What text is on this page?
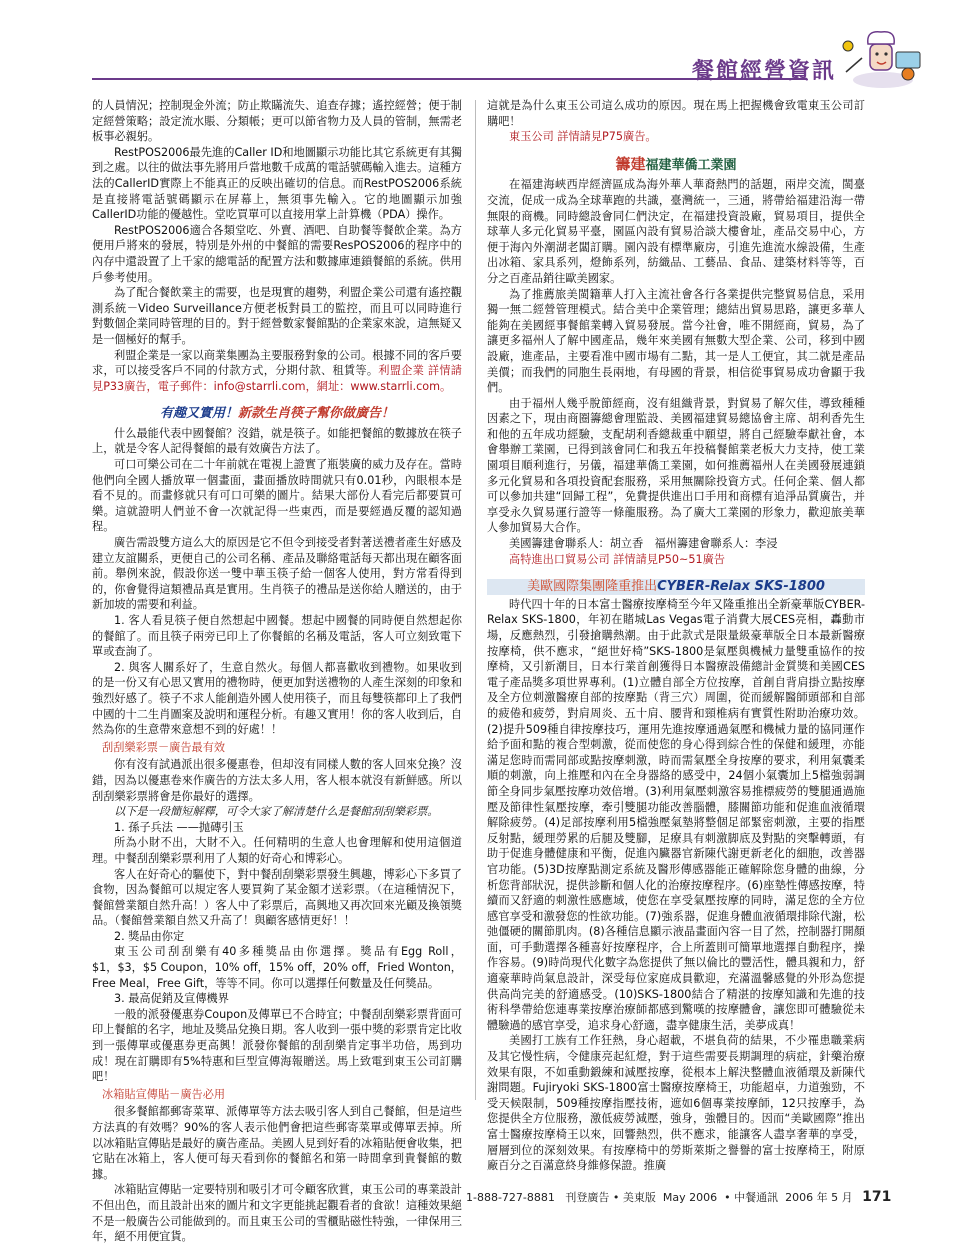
餐館經營資訊

的人員情況；控制現金外流；防止欺瞞流失、追查存據；遙控經營；便于制定經營策略；設定流水賬、分類帳；更可以節省物力及人員的管制，無需老板事必親躬。

RestPOS2006最先進的Caller ID和地圖顯示功能比其它系統更有其獨到之處。以往的做法事先將用戶當地數千成萬的電話號碼輸入進去。這種方法的CallerID實際上不能真正的反映出確切的信息。而RestPOS2006系統是直接將電話號碼顯示在屏幕上，無須事先輸入。它的地圖顯示加強CallerID功能的優越性。堂吃買單可以直接用掌上計算機（PDA）操作。

RestPOS2006適合各類堂吃、外賣、酒吧、自助餐等餐飲企業。為方便用戶將來的發展，特別是外州的中餐館的需要ResPOS2006的程序中的內存中還設置了上千家的總電話的配置方法和數據庫連鎖餐館的系統。供用戶參考使用。

為了配合餐飲業主的需要，也是現實的趨勢，利盟企業公司還有遙控觀測系統－Video Surveillance方便老板對員工的監控，而且可以同時進行對數個企業同時管理的目的。對于經營數家餐館點的企業家來說，這無疑又是一個極好的幫手。

利盟企業是一家以商業集團為主要服務對象的公司。根據不同的客戶要求，可以接受客戶不同的付款方式，分期付款、租賃等。利盟企業 詳情請見P33廣告，電子郵件：info@starrli.com，網址：www.starrli.com。

有趣又實用！新款生肖筷子幫你做廣告！

什么最能代表中國餐館？沒錯，就是筷子。如能把餐館的數據放在筷子上，就是令客人記得餐館的最有效廣告方法了。

可口可樂公司在二十年前就在電視上證實了瓶裝廣的威力及存在。當時他們向全國人播放單一個畫面，畫面播放時間就只有0.01秒，內眼根本是看不見的。而畫修就只有可口可樂的圖片。結果大部份人看完后都要買可樂。這就證明人們並不會一次就記得一些東西，而是要經過反覆的認知過程。

廣告需設雙方這么大的原因是它不但令到接受者對著送禮者產生好感及建立友誼關系，更便自己的公司名稱、產品及聯絡電話每天都出現在顧客面前。舉例來說，假設你送一雙中華玉筷子給一個客人使用，對方常看得到的，你會覺得這類禮品真是實用。生肖筷子的禮品是送你給人贈送的，由于新加坡的需要和利益。

1. 客人看見筷子便自然想起中國餐。想起中國餐的同時便自然想起你的餐館了。而且筷子兩旁已印上了你餐館的名稱及電話，客人可立刻致電下單或查詢了。

2. 與客人關系好了，生意自然火。每個人都喜歡收到禮物。如果收到的是一份又有心思又實用的禮物時，便更加對送禮物的人產生深刻的印象和強烈好感了。筷子不求人能創造外國人使用筷子，而且每雙筷都印上了我們中國的十二生肖圖案及說明和運程分析。有趣又實用！你的客人收到后，自然為你的生意帶來意想不到的好處！！

刮刮樂彩票－廣告最有效

你有沒有試過派出很多優惠卷，但却沒有同樣人數的客人回來兌換？沒錯，因為以優惠卷來作廣告的方法太多人用，客人根本就沒有新鮮感。所以刮刮樂彩票將會是你最好的選擇。

以下是一段簡短解釋，可令大家了解清楚什么是餐館刮刮樂彩票。

1. 孫子兵法 ——抛磚引玉

所為小財不出，大財不入。任何精明的生意人也會理解和使用這個道理。中餐刮刮樂彩票利用了人類的好奇心和博彩心。

客人在好奇心的驅使下，對中餐刮刮樂彩票發生興趣，博彩心下多買了食物，因為餐館可以規定客人要買夠了某金額才送彩票。（在這種情況下，餐館營業額自然升高！）客人中了彩票后，高興地又再次回來光顧及換領獎品。（餐館營業額自然又升高了！與顧客感情更好！！

2. 獎品由你定

東玉公司刮刮樂有40多種獎品由你選擇。獎品有Egg Roll，$1，$3，$5 Coupon，10% off，15% off，20% off，Fried Wonton，Free Meal，Free Gift，等等不同。你可以選擇任何數量及任何獎品。

3. 最高促銷及宣傳機界

一般的派發優惠券Coupon及傳單已不合時宜；中餐刮刮樂彩票背面可印上餐館的名字，地址及獎品兌換日期。客人收到一張中獎的彩票肯定比收到一張傳單或優惠券更高興！派發你餐館的刮刮樂肯定事半功倍，馬到功成！現在訂購即有5%特惠和巨型宣傳海報贈送。馬上致電到東玉公司訂購吧！

冰箱貼宣傳貼－廣告必用

很多餐館都郵寄菜單、派傳單等方法去吸引客人到自己餐館，但是這些方法真的有效嗎？90%的客人表示他們會把這些郵寄菜單或傳單丟掉。所以冰箱貼宣傳貼是最好的廣告產品。美國人見到好看的冰箱貼便會收集，把它貼在冰箱上，客人便可每天看到你的餐館名和第一時間拿到貴餐館的數據。

冰箱貼宣傳貼一定要特別和吸引才可令顧客欣賞，東玉公司的專業設計不但出色，而且設計出來的圖片和文字更能挑起觀看者的食欲！這種效果絕不是一般廣告公司能做到的。而且東玉公司的雪櫃貼磁性特強，一律保用三年，絕不用便宜貨。

這就是為什么東玉公司這么成功的原因。現在馬上把握機會致電東玉公司訂購吧！

東玉公司 詳情請見P75廣告。

籌建福建華僑工業園

在福建海峽西岸經濟區成為海外華人華裔熱門的話題，兩岸交流，閩臺交流，促成一成為全球華跑的共識，臺灣統一，三通，將帶給福建沿海一帶無限的商機。同時總設會同仁們決定，在福建投資設廠，貿易項目，提供全球華人多元化貿易平臺，園區內設有貿易洽談大樓會址，產品交易中心，方便于海內外潮湖老闆訂購。園內設有標準廠房，引進先進流水線設備，生產出冰箱、家具系列，燈飾系列，紡織品、工藝品、食品、建築材料等等，百分之百產品銷往歐美國家。

為了推薦旅美閩籍華人打入主流社會各行各業提供完整貿易信息，采用獨一無二經營管理模式。結合美中企業管理；總結出貿易思路，讓更多華人能夠在美國經事餐館業轉入貿易發展。當今社會，唯不開經商，貿易，為了讓更多福州人了解中國產品，幾年來美國有無數大型企業、公司，移到中國設廠，進產品，主要看准中國市場有二點，其一是人工便宜，其二就是產品美價；而我們的同胞生長兩地，有母國的背景，相信從事貿易成功會顯于我們。

由于福州人幾乎脫節經商，沒有組織背景，對貿易了解欠佳，導致種種因素之下，現由商圈籌總會理監設、美國福建貿易總協會主席、胡利香先生和他的五年成功經驗，支配胡利香總裁重中願望，將自己經驗奉獻社會，本會舉辦工業園，已得到該會同仁和我五年投稿餐館業老板大力支持，使工業園項目順利進行，另儀，福建華僑工業園，如何推薦福州人在美國發展連鎖多元化貿易和各項投資配套服務，采用無關除投資方式。任何企業、個人都可以參加共建“回歸工程”，免費提供進出口手用和商標有追淨品質廣告，并享受永久貿易運行證等一條龍服務。為了廣大工業園的形象力，歡迎旅美華人參加貿易大合作。

美國籌建會聯系人：胡立香　福州籌建會聯系人：李浸

高特進出口貿易公司 詳情請見P50~51廣告

美歐國際集團隆重推出CYBER-Relax SKS-1800

時代四十年的日本富士醫療按摩椅至今年又隆重推出全新豪華版CYBER-Relax SKS-1800，年初在賭城Las Vegas電子消費大展CES亮相，轟動市場，反應熱烈，引發搶購熱潮。由于此款式是限量級豪華版全日本最新醫療按摩椅，供不應求，“絕世好椅”SKS-1800是氣壓與機械力量雙重協作的按摩椅，又引新潮目，日本行業首創獲得日本醫療設備總計金質獎和美國CES電子產品獎多項世界專利。(1)立體自部全方位按摩，首創自背肩掛立點按摩及全方位刺激醫療自部的按摩點（背三穴）周圍，從而緩解醫師頭部和自部的疲倦和疲勞，對肩周炎、五十肩、腰背和頸椎病有實質性附助治療功效。(2)提升509種自律按摩技巧，運用先進按摩通過氣壓和機械力量的協同運作給予面和點的複合型刺激，從而使您的身心得到綜合性的保健和緩理，亦能滿足您時而需同部或點按摩刺激，時而需氣壓全身按摩的要求，利用氣囊柔順的刺激，向上推壓和內在全身器絡的感受中，24個小氣囊加上5檔強弱調節全身同步氣壓按摩功效倍增。(3)利用氣壓刺激容易推標疲勞的雙腿通過施壓及節律性氣壓按摩，牽引雙腿功能改善腦體，膝關節功能和促進血液循環解除疲勞。(4)足部按摩利用5檔強壓氣墊將整個足部緊密刺激，主要的指壓反射點，緩理勞累的后腿及雙腳，足療具有刺激脚底及對點的突擊轉頭，有助于促進身體健康和平衡，促進內臟器官新陳代謝更新老化的細胞，改善器官功能。(5)3D按摩點測定系統及醫形傳感器能正確解除您身體的曲線，分析您背部狀況，提供診斷和個人化的治療按摩程序。(6)座墊性傳感按摩，特續而又舒適的刺激性感應域，使您在享受氣壓按摩的同時，滿足您的全方位感官享受和激發您的性欲功能。(7)強系器，促進身體血液循環排除代謝，松弛僵硬的關節肌肉。(8)各種信息顯示液晶畫面內容一目了然，控制器打開顏面，可手動選擇各種喜好按摩程序，合上所蓋則可簡單地選擇自動程序，操作容易。(9)時尚現代化數字為您提供了無以倫比的豐活性，體具親和力，舒適豪華時尚氣息設計，深受每位家庭成員歡迎，充滿溫馨感覺的外形為您提供高尚完美的舒適感受。(10)SKS-1800結合了精湛的按摩知識和先進的技術科學帶給您連專業按摩治療師都感到驚嘆的按摩體會，讓您即可體驗從未體驗過的感官享受，追求身心舒適，盡享健康生活，美夢成真！

美國打工族有工作狂熱，身心超載，不堪負荷的結果，不少罹患職業病及其它慢性病，令健康亮起紅燈，對于這些需要長期調理的病症，針藥治療效果有限，不如重動鍛練和減壓按摩，從根本上解決整體血液循環及新陳代謝問題。Fujiryoki SKS-1800富士醫療按摩椅王，功能超卓，力道強勁，不受天候限制，509種按摩指壓技術，遮如6個專業按摩師，12只按摩手，為您提供全方位服務，激低疲勞減壓，強身，強體目的。因而“美歐國際”推出富士醫療按摩椅王以來，回響熱烈，供不應求，能讓客人盡享奢華的享受，層層到位的深刻效果。有按摩椅中的勞斯萊斯之譽譽的富士按摩椅王，附原廠百分之百滿意終身維修保證。推廣

1-888-727-8881 刊登廣告 • 美東版 May 2006 • 中餐通訊 2006 年 5 月 171
